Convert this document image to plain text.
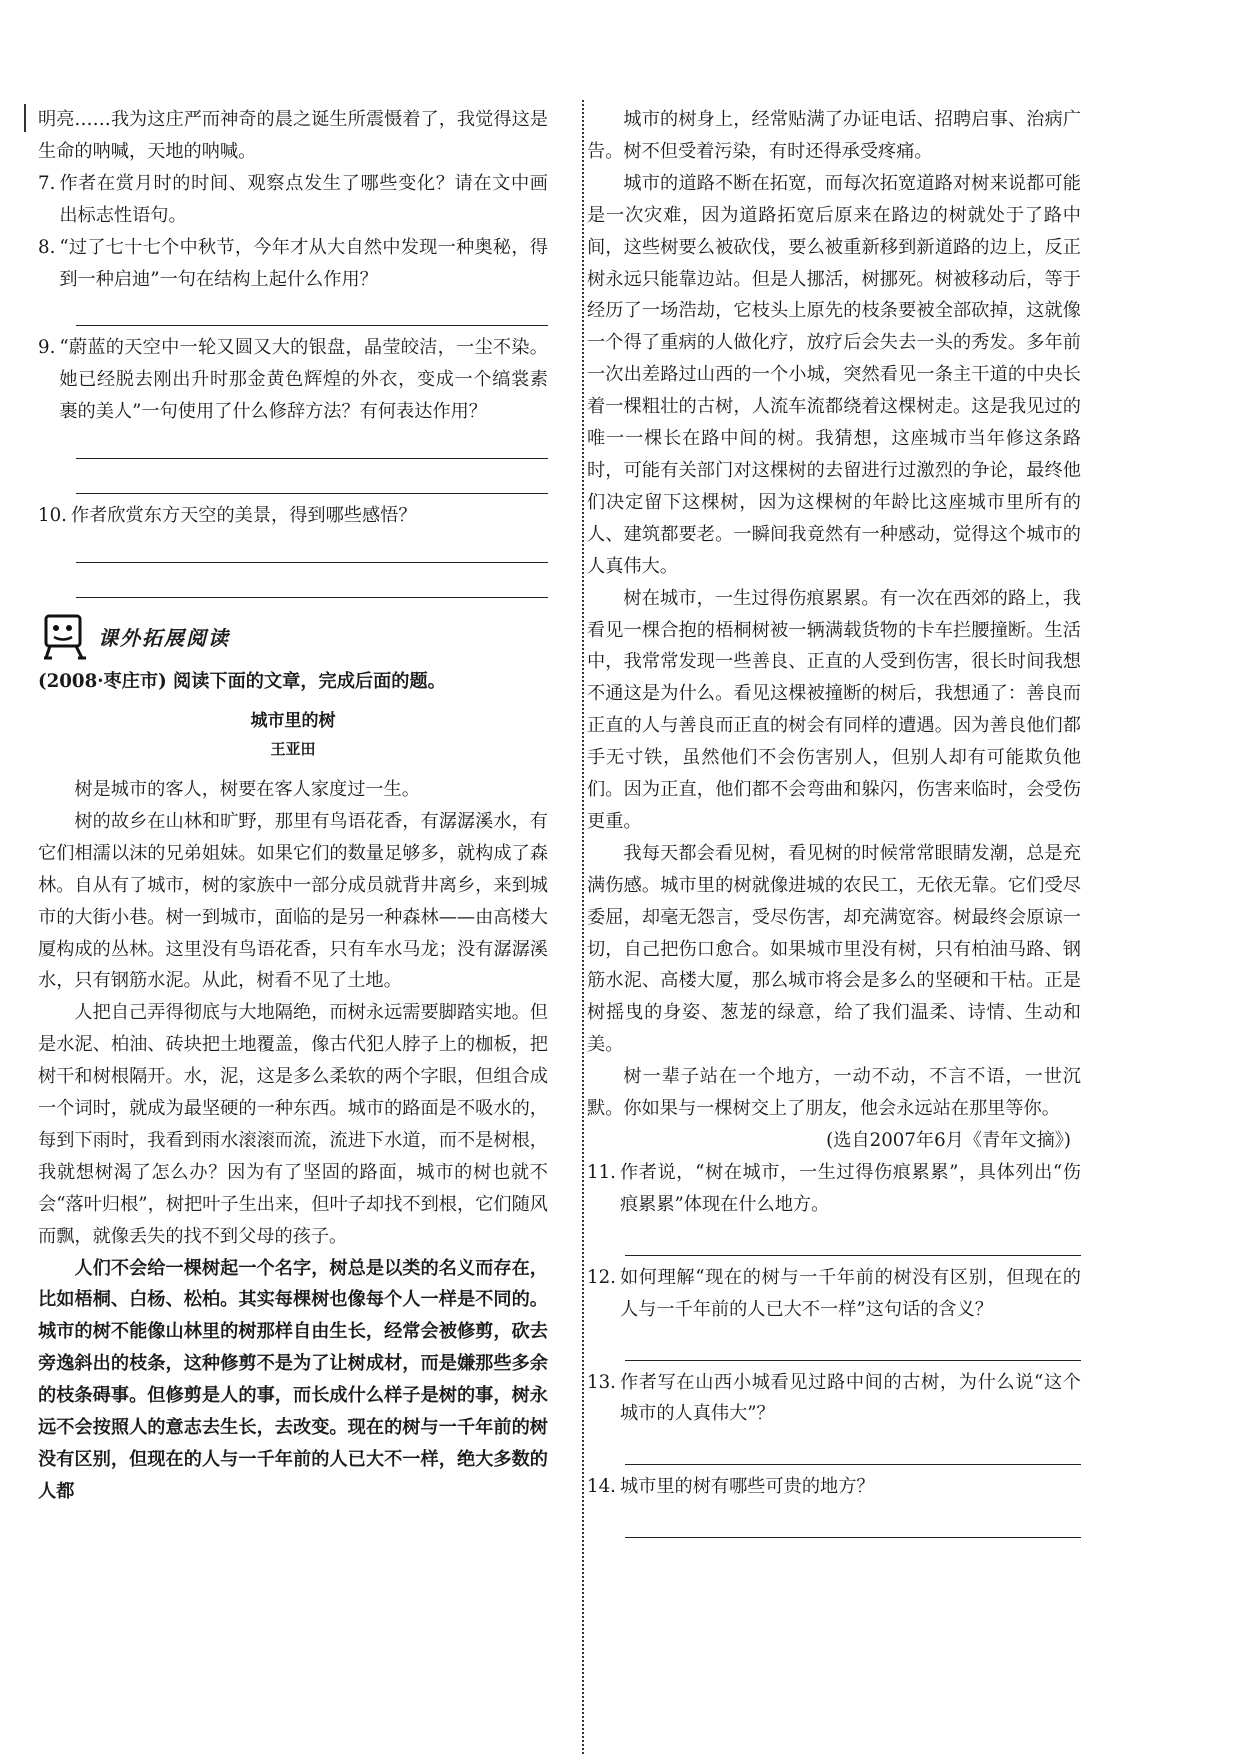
明亮……我为这庄严而神奇的晨之诞生所震慑着了，我觉得这是生命的呐喊，天地的呐喊。

7. 作者在赏月时的时间、观察点发生了哪些变化？请在文中画出标志性语句。
8. “过了七十七个中秋节，今年才从大自然中发现一种奥秘，得到一种启迪”一句在结构上起什么作用？
9. “蔚蓝的天空中一轮又圆又大的银盘，晶莹皎洁，一尘不染。她已经脱去刚出升时那金黄色辉煌的外衣，变成一个缟裳素裹的美人”一句使用了什么修辞方法？有何表达作用？
10. 作者欣赏东方天空的美景，得到哪些感悟？
课外拓展阅读
(2008·枣庄市) 阅读下面的文章，完成后面的题。
城市里的树
王亚田

树是城市的客人，树要在客人家度过一生。

树的故乡在山林和旷野，那里有鸟语花香，有潺潺溪水，有它们相濡以沫的兄弟姐妹。如果它们的数量足够多，就构成了森林。自从有了城市，树的家族中一部分成员就背井离乡，来到城市的大街小巷。树一到城市，面临的是另一种森林——由高楼大厦构成的丛林。这里没有鸟语花香，只有车水马龙；没有潺潺溪水，只有钢筋水泥。从此，树看不见了土地。

人把自己弄得彻底与大地隔绝，而树永远需要脚踏实地。但是水泥、柏油、砖块把土地覆盖，像古代犯人脖子上的枷板，把树干和树根隔开。水，泥，这是多么柔软的两个字眼，但组合成一个词时，就成为最坚硬的一种东西。城市的路面是不吸水的，每到下雨时，我看到雨水滚滚而流，流进下水道，而不是树根，我就想树渴了怎么办？因为有了坚固的路面，城市的树也就不会“落叶归根”，树把叶子生出来，但叶子却找不到根，它们随风而飘，就像丢失的找不到父母的孩子。

人们不会给一棵树起一个名字，树总是以类的名义而存在，比如梧桐、白杨、松柏。其实每棵树也像每个人一样是不同的。城市的树不能像山林里的树那样自由生长，经常会被修剪，砍去旁逸斜出的枝条，这种修剪不是为了让树成材，而是嫌那些多余的枝条碍事。但修剪是人的事，而长成什么样子是树的事，树永远不会按照人的意志去生长，去改变。现在的树与一千年前的树没有区别，但现在的人与一千年前的人已大不一样，绝大多数的人都

城市的树身上，经常贴满了办证电话、招聘启事、治病广告。树不但受着污染，有时还得承受疼痛。

城市的道路不断在拓宽，而每次拓宽道路对树来说都可能是一次灾难，因为道路拓宽后原来在路边的树就处于了路中间，这些树要么被砍伐，要么被重新移到新道路的边上，反正树永远只能靠边站。但是人挪活，树挪死。树被移动后，等于经历了一场浩劫，它枝头上原先的枝条要被全部砍掉，这就像一个得了重病的人做化疗，放疗后会失去一头的秀发。多年前一次出差路过山西的一个小城，突然看见一条主干道的中央长着一棵粗壮的古树，人流车流都绕着这棵树走。这是我见过的唯一一棵长在路中间的树。我猜想，这座城市当年修这条路时，可能有关部门对这棵树的去留进行过激烈的争论，最终他们决定留下这棵树，因为这棵树的年龄比这座城市里所有的人、建筑都要老。一瞬间我竟然有一种感动，觉得这个城市的人真伟大。

树在城市，一生过得伤痕累累。有一次在西郊的路上，我看见一棵合抱的梧桐树被一辆满载货物的卡车拦腰撞断。生活中，我常常发现一些善良、正直的人受到伤害，很长时间我想不通这是为什么。看见这棵被撞断的树后，我想通了：善良而正直的人与善良而正直的树会有同样的遭遇。因为善良他们都手无寸铁，虽然他们不会伤害别人，但别人却有可能欺负他们。因为正直，他们都不会弯曲和躲闪，伤害来临时，会受伤更重。

我每天都会看见树，看见树的时候常常眼睛发潮，总是充满伤感。城市里的树就像进城的农民工，无依无靠。它们受尽委屈，却毫无怨言，受尽伤害，却充满宽容。树最终会原谅一切，自己把伤口愈合。如果城市里没有树，只有柏油马路、钢筋水泥、高楼大厦，那么城市将会是多么的坚硬和干枯。正是树摇曳的身姿、葱茏的绿意，给了我们温柔、诗情、生动和美。

树一辈子站在一个地方，一动不动，不言不语，一世沉默。你如果与一棵树交上了朋友，他会永远站在那里等你。

(选自2007年6月《青年文摘》)
11. 作者说，“树在城市，一生过得伤痕累累”，具体列出“伤痕累累”体现在什么地方。
12. 如何理解“现在的树与一千年前的树没有区别，但现在的人与一千年前的人已大不一样”这句话的含义？
13. 作者写在山西小城看见过路中间的古树，为什么说“这个城市的人真伟大”？
14. 城市里的树有哪些可贵的地方？
